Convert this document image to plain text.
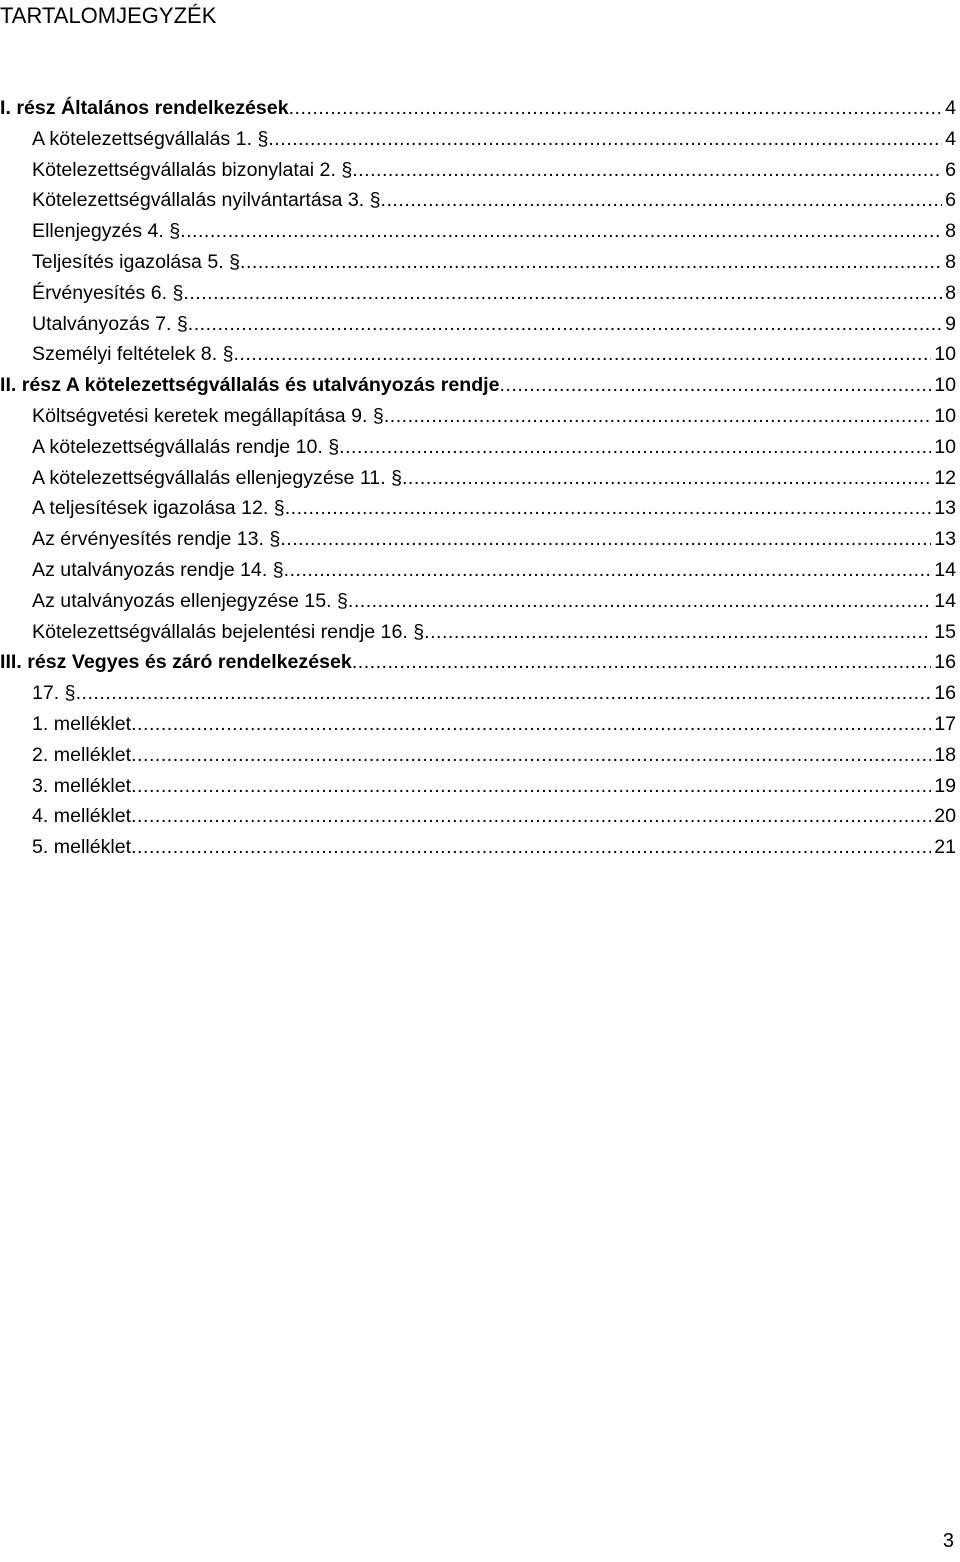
TARTALOMJEGYZÉK
I. rész Általános rendelkezések .....	4
A kötelezettségvállalás 1. § .....	4
Kötelezettségvállalás bizonylatai 2. § .....	6
Kötelezettségvállalás nyilvántartása 3. § .....	6
Ellenjegyzés 4. § .....	8
Teljesítés igazolása 5. § .....	8
Érvényesítés 6. § .....	8
Utalványozás 7. § .....	9
Személyi feltételek 8. § .....	10
II. rész A kötelezettségvállalás és utalványozás rendje .....	10
Költségvetési keretek megállapítása 9. § .....	10
A kötelezettségvállalás rendje 10. § .....	10
A kötelezettségvállalás ellenjegyzése 11. § .....	12
A teljesítések igazolása 12. § .....	13
Az érvényesítés rendje 13. § .....	13
Az utalványozás rendje 14. § .....	14
Az utalványozás ellenjegyzése 15. § .....	14
Kötelezettségvállalás bejelentési rendje 16. § .....	15
III. rész Vegyes és záró rendelkezések .....	16
17. § .....	16
1. melléklet .....	17
2. melléklet .....	18
3. melléklet .....	19
4. melléklet .....	20
5. melléklet .....	21
3
